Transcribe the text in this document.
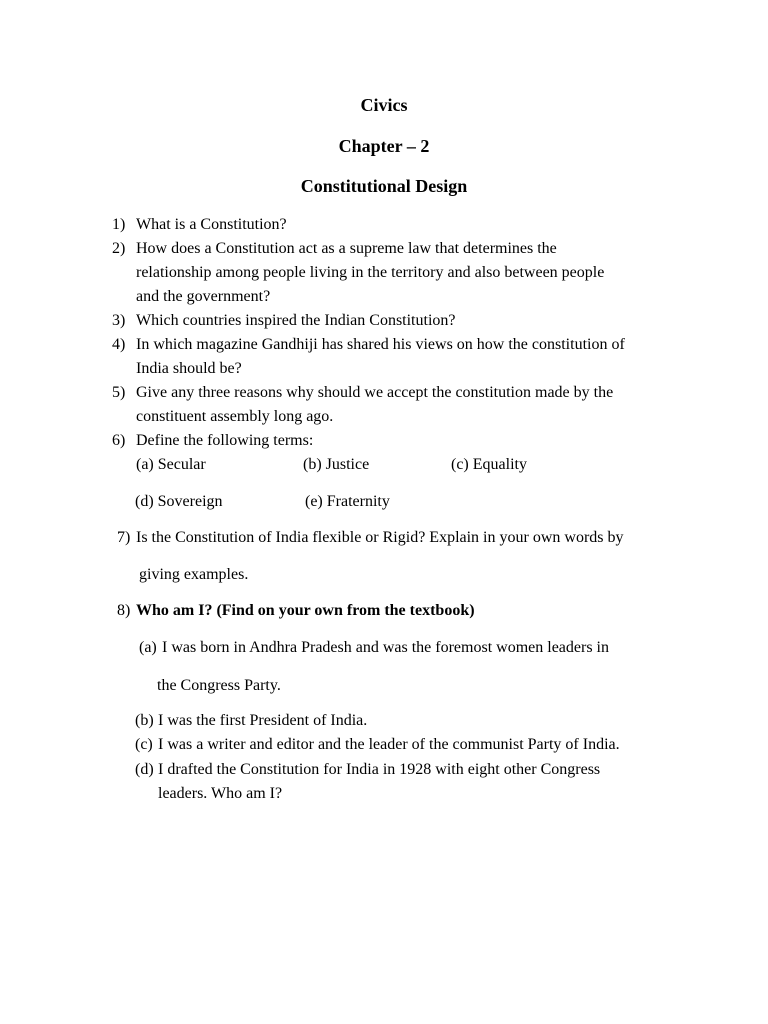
Civics
Chapter – 2
Constitutional Design
1) What is a Constitution?
2) How does a Constitution act as a supreme law that determines the
relationship among people living in the territory and also between people
and the government?
3) Which countries inspired the Indian Constitution?
4) In which magazine Gandhiji has shared his views on how the constitution of
India should be?
5) Give any three reasons why should we accept the constitution made by the
constituent assembly long ago.
6) Define the following terms:
(a) Secular	(b) Justice	(c) Equality
(d) Sovereign	(e) Fraternity
7) Is the Constitution of India flexible or Rigid? Explain in your own words by
giving examples.
8) Who am I? (Find on your own from the textbook)
(a) I was born in Andhra Pradesh and was the foremost women leaders in
the Congress Party.
(b) I was the first President of India.
(c) I was a writer and editor and the leader of the communist Party of India.
(d) I drafted the Constitution for India in 1928 with eight other Congress
leaders. Who am I?
